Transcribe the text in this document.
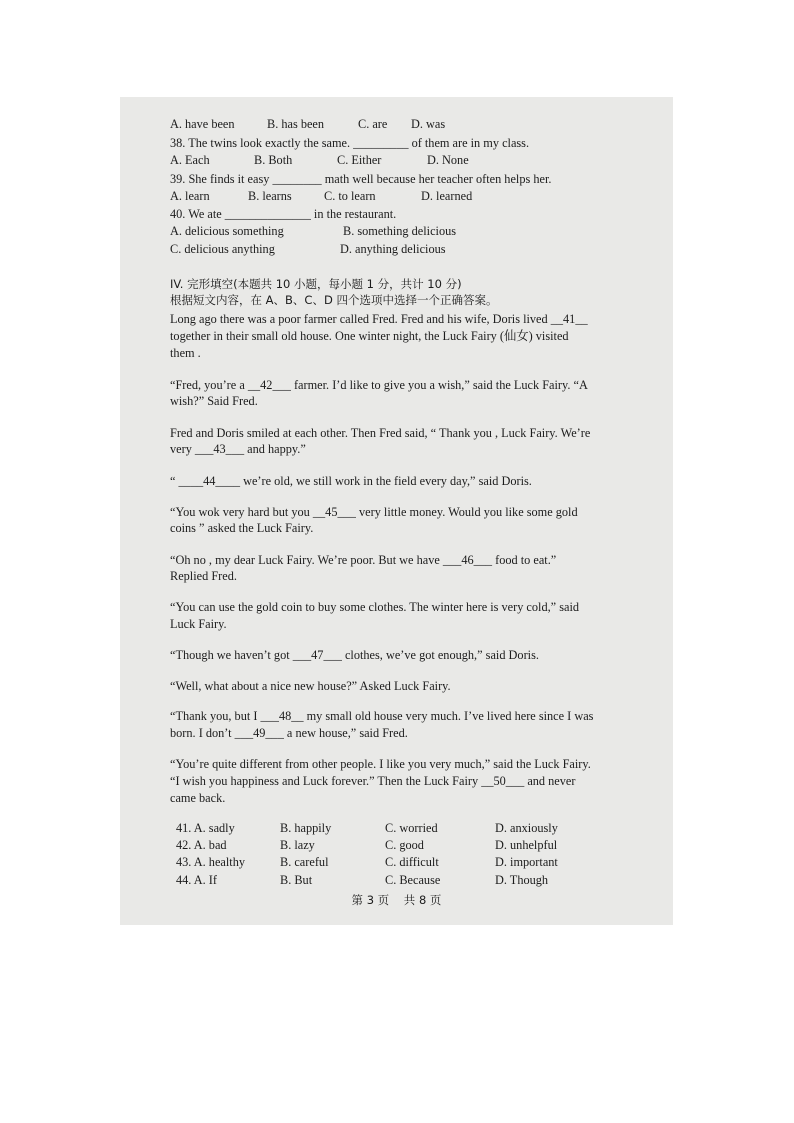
A. have been	B. has been	C. are D. was
38. The twins look exactly the same. _________ of them are in my class.
A. Each	B. Both	C. Either	D. None
39. She finds it easy ________ math well because her teacher often helps her.
A. learn	B. learns	C. to learn	D. learned
40. We ate ______________ in the restaurant.
A. delicious something	B. something delicious
C. delicious anything	D. anything delicious
IV. 完形填空(本题共 10 小题，每小题 1 分，共计 10 分)
根据短文内容，在 A、B、C、D 四个选项中选择一个正确答案。
Long ago there was a poor farmer called Fred. Fred and his wife, Doris lived __41__
together in their small old house. One winter night, the Luck Fairy (仙女) visited
them .
“Fred, you’re a __42___ farmer. I’d like to give you a wish,” said the Luck Fairy. “A
wish?” Said Fred.
Fred and Doris smiled at each other. Then Fred said, “ Thank you , Luck Fairy. We’re
very ___43___ and happy.”
“ ____44____ we’re old, we still work in the field every day,” said Doris.
“You wok very hard but you __45___ very little money. Would you like some gold
coins ” asked the Luck Fairy.
“Oh no , my dear Luck Fairy. We’re poor. But we have ___46___ food to eat.”
Replied Fred.
“You can use the gold coin to buy some clothes. The winter here is very cold,” said
Luck Fairy.
“Though we haven’t got ___47___ clothes, we’ve got enough,” said Doris.
“Well, what about a nice new house?” Asked Luck Fairy.
“Thank you, but I ___48__ my small old house very much. I’ve lived here since I was
born. I don’t ___49___ a new house,” said Fred.
“You’re quite different from other people. I like you very much,” said the Luck Fairy.
“I wish you happiness and Luck forever.” Then the Luck Fairy __50___ and never
came back.
41. A. sadly	B. happily	C. worried	D. anxiously
42. A. bad	B. lazy	C. good	D. unhelpful
43. A. healthy	B. careful	C. difficult	D. important
44. A. If	B. But	C. Because	D. Though
第 3 页    共 8 页
